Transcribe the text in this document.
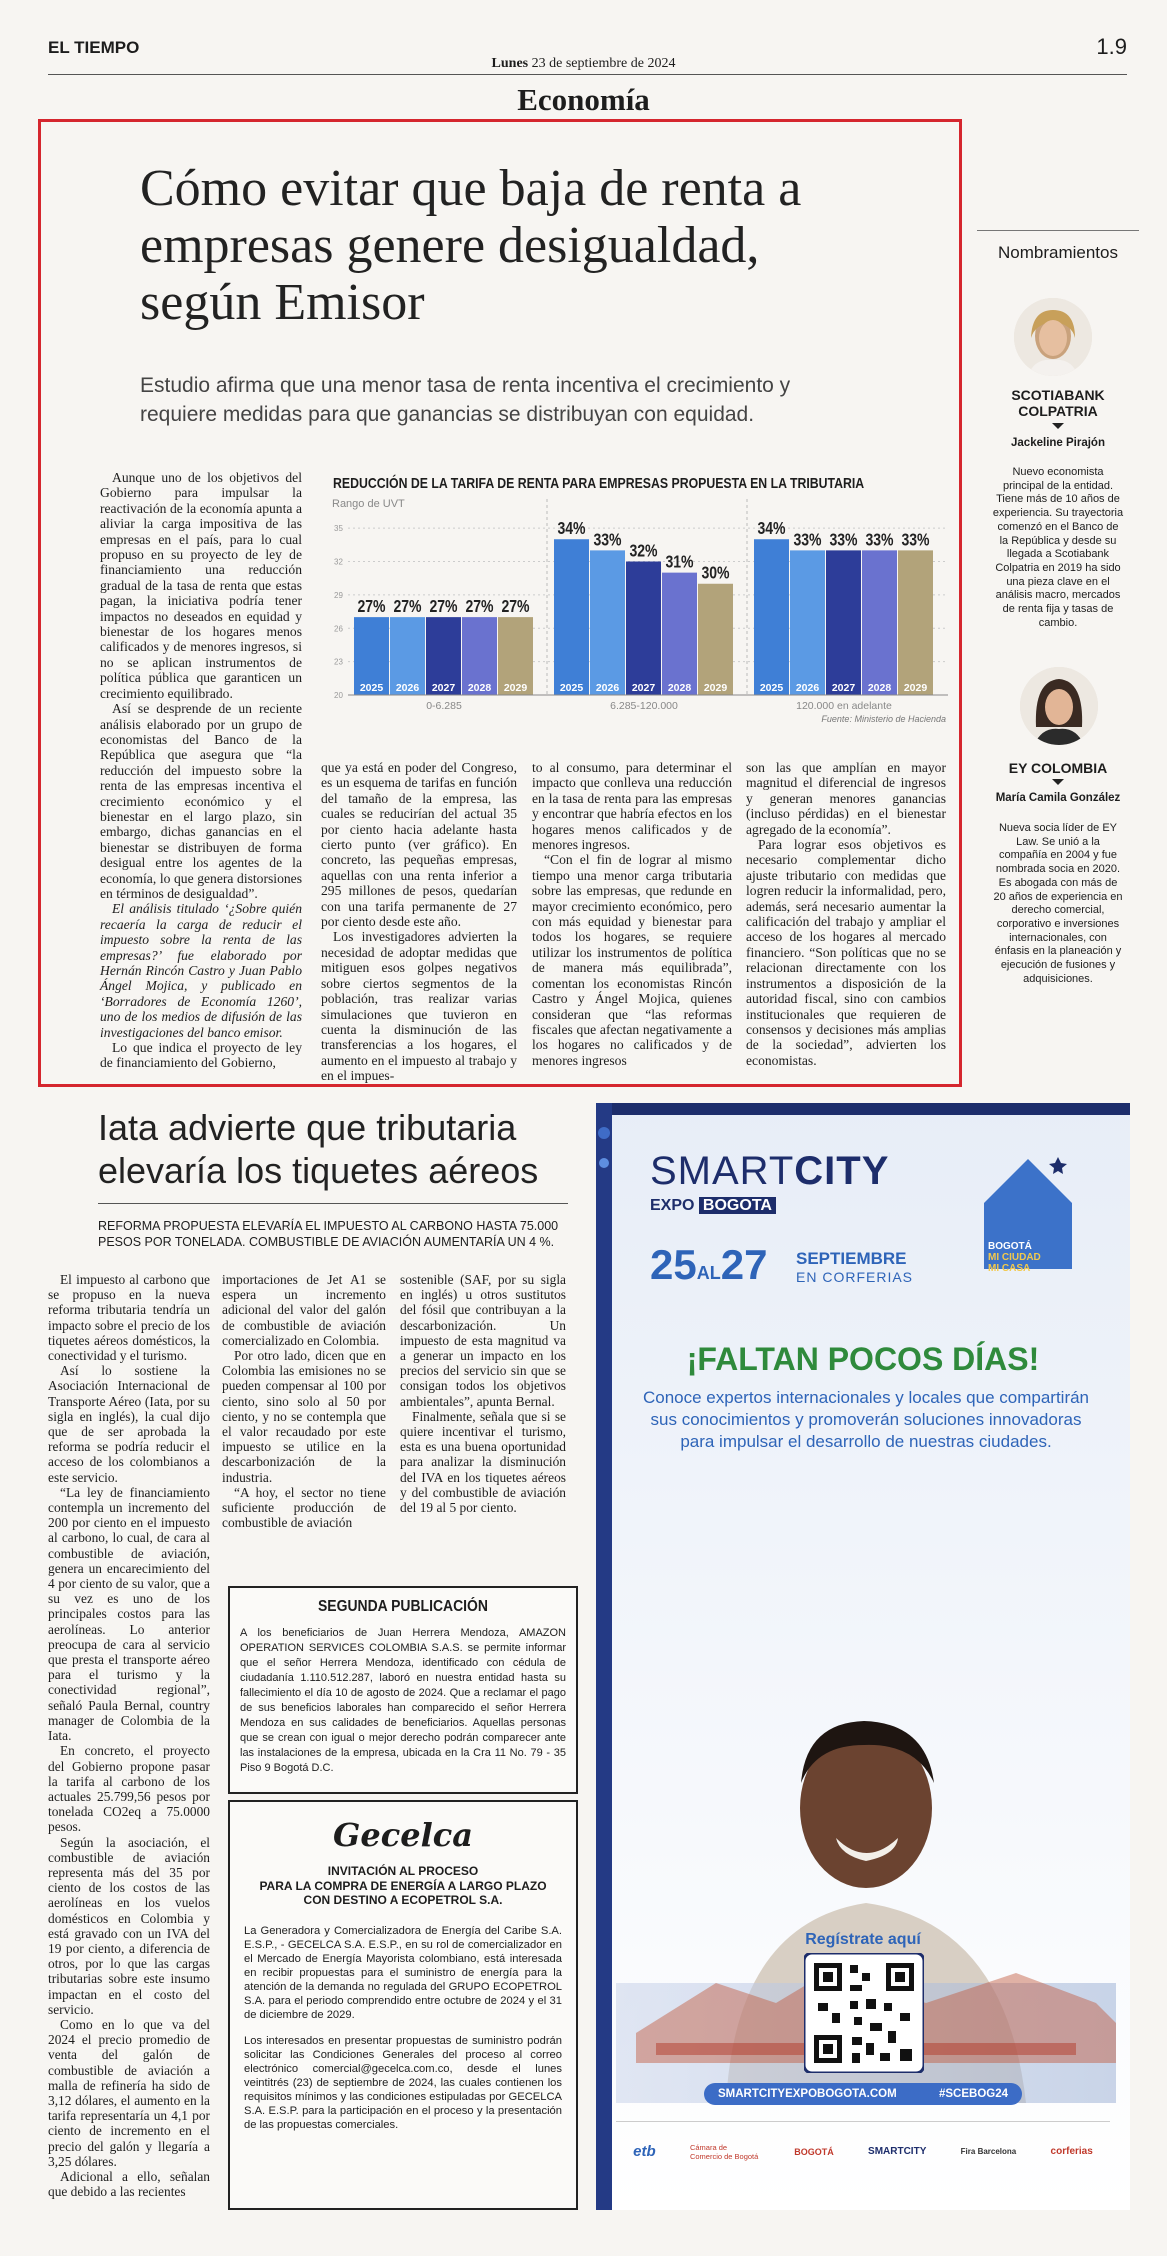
EL TIEMPO
Lunes 23 de septiembre de 2024
1.9
Economía
Cómo evitar que baja de renta a empresas genere desigualdad, según Emisor
Estudio afirma que una menor tasa de renta incentiva el crecimiento y requiere medidas para que ganancias se distribuyan con equidad.

Aunque uno de los objetivos del Gobierno para impulsar la reactivación de la economía apunta a aliviar la carga impositiva de las empresas en el país, para lo cual propuso en su proyecto de ley de financiamiento una reducción gradual de la tasa de renta que estas pagan, la iniciativa podría tener impactos no deseados en equidad y bienestar de los hogares menos calificados y de menores ingresos, si no se aplican instrumentos de política pública que garanticen un crecimiento equilibrado.

Así se desprende de un reciente análisis elaborado por un grupo de economistas del Banco de la República que asegura que “la reducción del impuesto sobre la renta de las empresas incentiva el crecimiento económico y el bienestar en el largo plazo, sin embargo, dichas ganancias en el bienestar se distribuyen de forma desigual entre los agentes de la economía, lo que genera distorsiones en términos de desigualdad”.

El análisis titulado ‘¿Sobre quién recaería la carga de reducir el impuesto sobre la renta de las empresas?’ fue elaborado por Hernán Rincón Castro y Juan Pablo Ángel Mojica, y publicado en ‘Borradores de Economía 1260’, uno de los medios de difusión de las investigaciones del banco emisor.

Lo que indica el proyecto de ley de financiamiento del Gobierno,

que ya está en poder del Congreso, es un esquema de tarifas en función del tamaño de la empresa, las cuales se reducirían del actual 35 por ciento hacia adelante hasta cierto punto (ver gráfico). En concreto, las pequeñas empresas, aquellas con una renta inferior a 295 millones de pesos, quedarían con una tarifa permanente de 27 por ciento desde este año.

Los investigadores advierten la necesidad de adoptar medidas que mitiguen esos golpes negativos sobre ciertos segmentos de la población, tras realizar varias simulaciones que tuvieron en cuenta la disminución de las transferencias a los hogares, el aumento en el impuesto al trabajo y en el impues-

to al consumo, para determinar el impacto que conlleva una reducción en la tasa de renta para las empresas y encontrar que habría efectos en los hogares menos calificados y de menores ingresos.

“Con el fin de lograr al mismo tiempo una menor carga tributaria sobre las empresas, que redunde en mayor crecimiento económico, pero con más equidad y bienestar para todos los hogares, se requiere utilizar los instrumentos de política de manera más equilibrada”, comentan los economistas Rincón Castro y Ángel Mojica, quienes consideran que “las reformas fiscales que afectan negativamente a los hogares no calificados y de menores ingresos

son las que amplían en mayor magnitud el diferencial de ingresos y generan menores ganancias (incluso pérdidas) en el bienestar agregado de la economía”.

Para lograr esos objetivos es necesario complementar dicho ajuste tributario con medidas que logren reducir la informalidad, pero, además, será necesario aumentar la calificación del trabajo y ampliar el acceso de los hogares al mercado financiero. “Son políticas que no se relacionan directamente con los instrumentos a disposición de la autoridad fiscal, sino con cambios institucionales que requieren de consensos y decisiones más amplias de la sociedad”, advierten los economistas.

REDUCCIÓN DE LA TARIFA DE RENTA PARA EMPRESAS PROPUESTA EN LA TRIBUTARIA
Rango de UVT
20
23
26
29
32
35
27%
2025
27%
2026
27%
2027
27%
2028
27%
2029
0-6.285
34%
2025
33%
2026
32%
2027
31%
2028
30%
2029
6.285-120.000
34%
2025
33%
2026
33%
2027
33%
2028
33%
2029
120.000 en adelante
Fuente: Ministerio de Hacienda
Nombramientos
SCOTIABANK
COLPATRIA
Jackeline Pirajón
Nuevo economista principal de la entidad. Tiene más de 10 años de experiencia. Su trayectoria comenzó en el Banco de la República y desde su llegada a Scotiabank Colpatria en 2019 ha sido una pieza clave en el análisis macro, mercados de renta fija y tasas de cambio.
EY COLOMBIA
María Camila González
Nueva socia líder de EY Law. Se unió a la compañía en 2004 y fue nombrada socia en 2020. Es abogada con más de 20 años de experiencia en derecho comercial, corporativo e inversiones internacionales, con énfasis en la planeación y ejecución de fusiones y adquisiciones.
Iata advierte que tributaria elevaría los tiquetes aéreos
REFORMA PROPUESTA ELEVARÍA EL IMPUESTO AL CARBONO HASTA 75.000 PESOS POR TONELADA. COMBUSTIBLE DE AVIACIÓN AUMENTARÍA UN 4 %.

El impuesto al carbono que se propuso en la nueva reforma tributaria tendría un impacto sobre el precio de los tiquetes aéreos domésticos, la conectividad y el turismo.

Así lo sostiene la Asociación Internacional de Transporte Aéreo (Iata, por su sigla en inglés), la cual dijo que de ser aprobada la reforma se podría reducir el acceso de los colombianos a este servicio.

“La ley de financiamiento contempla un incremento del 200 por ciento en el impuesto al carbono, lo cual, de cara al combustible de aviación, genera un encarecimiento del 4 por ciento de su valor, que a su vez es uno de los principales costos para las aerolíneas. Lo anterior preocupa de cara al servicio que presta el transporte aéreo para el turismo y la conectividad regional”, señaló Paula Bernal, country manager de Colombia de la Iata.

En concreto, el proyecto del Gobierno propone pasar la tarifa al carbono de los actuales 25.799,56 pesos por tonelada CO2eq a 75.0000 pesos.

Según la asociación, el combustible de aviación representa más del 35 por ciento de los costos de las aerolíneas en los vuelos domésticos en Colombia y está gravado con un IVA del 19 por ciento, a diferencia de otros, por lo que las cargas tributarias sobre este insumo impactan en el costo del servicio.

Como en lo que va del 2024 el precio promedio de venta del galón de combustible de aviación a malla de refinería ha sido de 3,12 dólares, el aumento en la tarifa representaría un 4,1 por ciento de incremento en el precio del galón y llegaría a 3,25 dólares.

Adicional a ello, señalan que debido a las recientes

importaciones de Jet A1 se espera un incremento adicional del valor del galón de combustible de aviación comercializado en Colombia.

Por otro lado, dicen que en Colombia las emisiones no se pueden compensar al 100 por ciento, sino solo al 50 por ciento, y no se contempla que el valor recaudado por este impuesto se utilice en la descarbonización de la industria.

“A hoy, el sector no tiene suficiente producción de combustible de aviación

sostenible (SAF, por su sigla en inglés) u otros sustitutos del fósil que contribuyan a la descarbonización. Un impuesto de esta magnitud va a generar un impacto en los precios del servicio sin que se consigan todos los objetivos ambientales”, apunta Bernal.

Finalmente, señala que si se quiere incentivar el turismo, esta es una buena oportunidad para analizar la disminución del IVA en los tiquetes aéreos y del combustible de aviación del 19 al 5 por ciento.

SEGUNDA PUBLICACIÓN
A los beneficiarios de Juan Herrera Mendoza, AMAZON OPERATION SERVICES COLOMBIA S.A.S. se permite informar que el señor Herrera Mendoza, identificado con cédula de ciudadanía 1.110.512.287, laboró en nuestra entidad hasta su fallecimiento el día 10 de agosto de 2024. Que a reclamar el pago de sus beneficios laborales han comparecido el señor Herrera Mendoza en sus calidades de beneficiarios. Aquellas personas que se crean con igual o mejor derecho podrán comparecer ante las instalaciones de la empresa, ubicada en la Cra 11 No. 79 - 35 Piso 9 Bogotá D.C.
Gecelca
INVITACIÓN AL PROCESO
PARA LA COMPRA DE ENERGÍA A LARGO PLAZO
CON DESTINO A ECOPETROL S.A.
La Generadora y Comercializadora de Energía del Caribe S.A. E.S.P., - GECELCA S.A. E.S.P., en su rol de comercializador en el Mercado de Energía Mayorista colombiano, está interesada en recibir propuestas para el suministro de energía para la atención de la demanda no regulada del GRUPO ECOPETROL S.A. para el periodo comprendido entre octubre de 2024 y el 31 de diciembre de 2029.
Los interesados en presentar propuestas de suministro podrán solicitar las Condiciones Generales del proceso al correo electrónico comercial@gecelca.com.co, desde el lunes veintitrés (23) de septiembre de 2024, las cuales contienen los requisitos mínimos y las condiciones estipuladas por GECELCA S.A. E.S.P. para la participación en el proceso y la presentación de las propuestas comerciales.
SMARTCITY
EXPO BOGOTA
25AL27 SEPTIEMBRE
EN CORFERIAS
BOGOTÁ
MI CIUDAD
MI CASA
¡FALTAN POCOS DÍAS!
Conoce expertos internacionales y locales que compartirán sus conocimientos y promoverán soluciones innovadoras para impulsar el desarrollo de nuestras ciudades.
Regístrate aquí
SMARTCITYEXPOBOGOTA.COM	#SCEBOG24
etb	Cámara de Comercio de Bogotá	BOGOTÁ	SMARTCITY	Fira Barcelona	corferias
